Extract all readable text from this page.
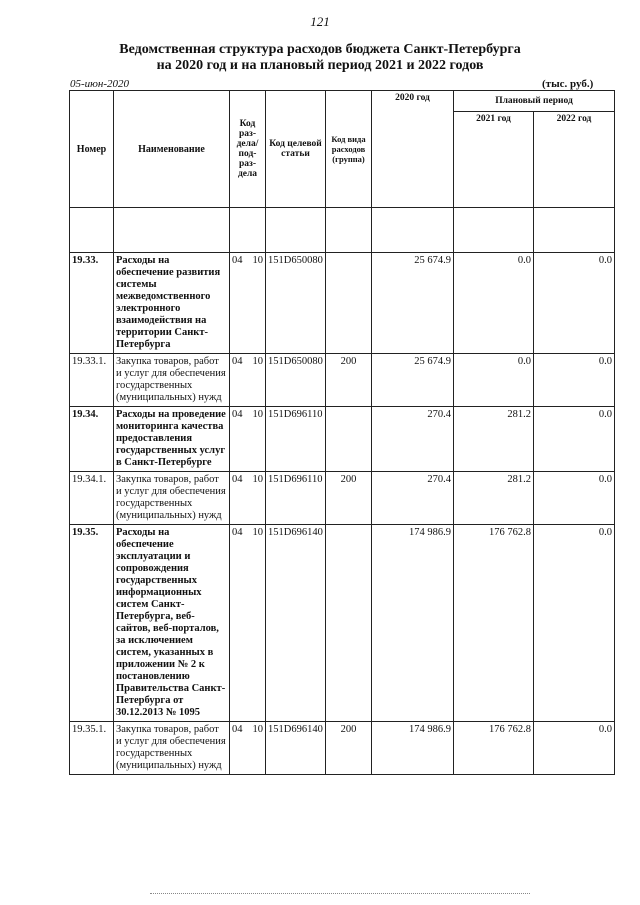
121
Ведомственная структура расходов бюджета Санкт-Петербурга
на 2020 год и на плановый период 2021 и 2022 годов
05-июн-2020	(тыс. руб.)
Номер	Наименование	Код раз-дела/ под-раз-дела	Код целевой статьи	Код вида расходов (группа)	2020 год	Плановый период	
						2021 год	2022 год

19.33.	Расходы на обеспечение развития системы межведомственного электронного взаимодействия на территории Санкт-Петербурга	04 10	151D650080		25 674.9	0.0	0.0
19.33.1.	Закупка товаров, работ и услуг для обеспечения государственных (муниципальных) нужд	04 10	151D650080	200	25 674.9	0.0	0.0
19.34.	Расходы на проведение мониторинга качества предоставления государственных услуг в Санкт-Петербурге	04 10	151D696110		270.4	281.2	0.0
19.34.1.	Закупка товаров, работ и услуг для обеспечения государственных (муниципальных) нужд	04 10	151D696110	200	270.4	281.2	0.0
19.35.	Расходы на обеспечение эксплуатации и сопровождения государственных информационных систем Санкт-Петербурга, веб-сайтов, веб-порталов, за исключением систем, указанных в приложении № 2 к постановлению Правительства Санкт-Петербурга от 30.12.2013 № 1095	04 10	151D696140		174 986.9	176 762.8	0.0
19.35.1.	Закупка товаров, работ и услуг для обеспечения государственных (муниципальных) нужд	04 10	151D696140	200	174 986.9	176 762.8	0.0
